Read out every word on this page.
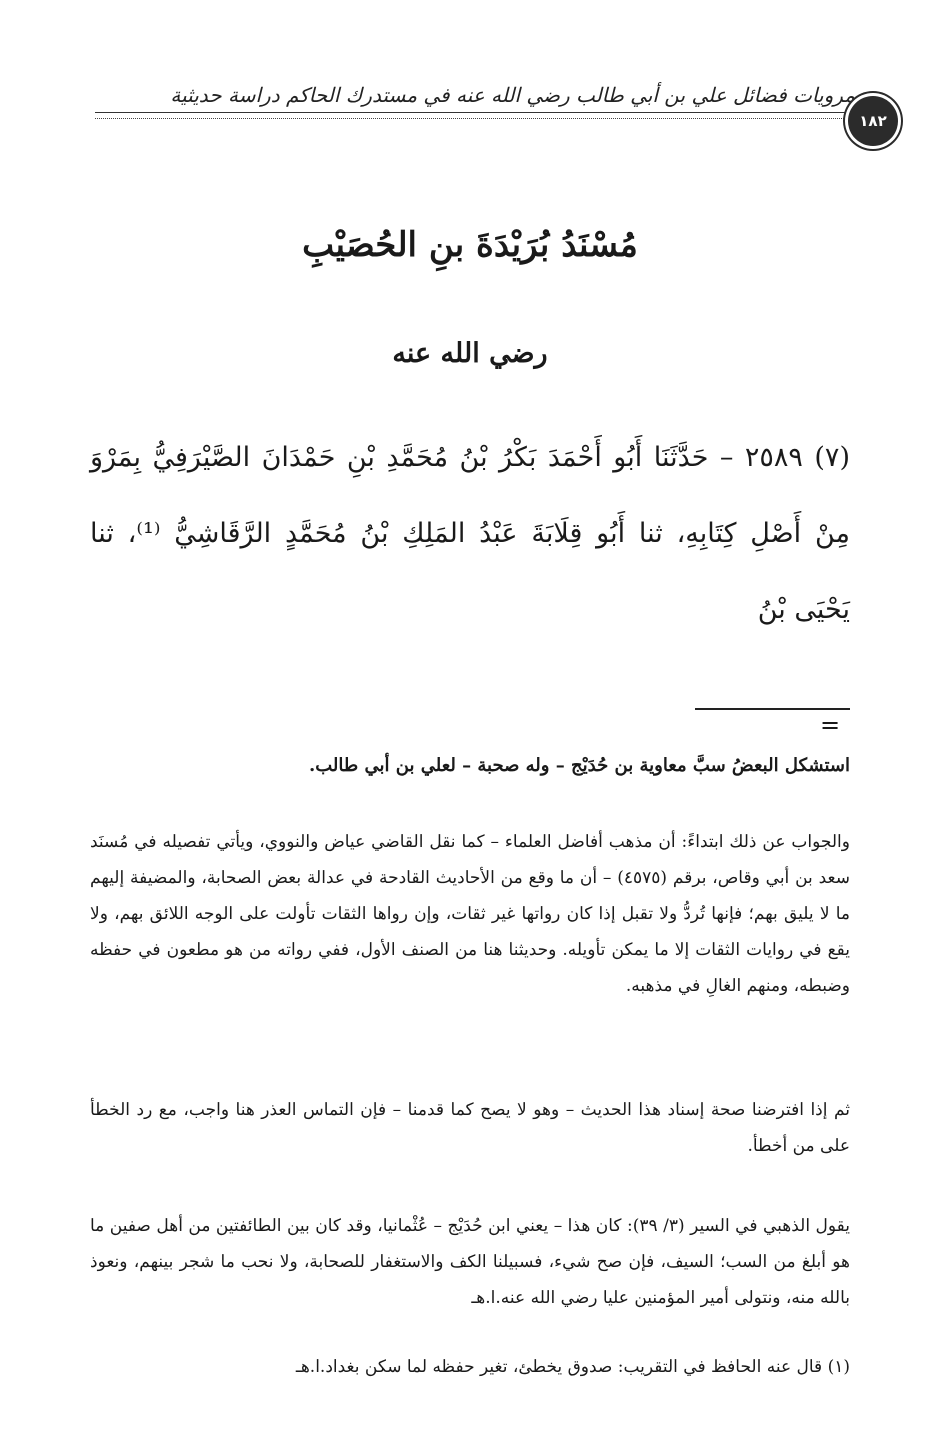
مرويات فضائل علي بن أبي طالب رضي الله عنه في مستدرك الحاكم دراسة حديثية
١٨٢
مُسْنَدُ بُرَيْدَةَ بنِ الحُصَيْبِ
رضي الله عنه
(٧) ٢٥٨٩ – حَدَّثَنَا أَبُو أَحْمَدَ بَكْرُ بْنُ مُحَمَّدِ بْنِ حَمْدَانَ الصَّيْرَفِيُّ بِمَرْوَ مِنْ أَصْلِ كِتَابِهِ، ثنا أَبُو قِلَابَةَ عَبْدُ المَلِكِ بْنُ مُحَمَّدٍ الرَّقَاشِيُّ ⁽¹⁾، ثنا يَحْيَى بْنُ
=
استشكل البعضُ سبَّ معاوية بن حُدَيْج – وله صحبة – لعلي بن أبي طالب.
والجواب عن ذلك ابتداءً: أن مذهب أفاضل العلماء – كما نقل القاضي عياض والنووي، ويأتي تفصيله في مُسنَد سعد بن أبي وقاص، برقم (٤٥٧٥) – أن ما وقع من الأحاديث القادحة في عدالة بعض الصحابة، والمضيفة إليهم ما لا يليق بهم؛ فإنها تُردُّ ولا تقبل إذا كان رواتها غير ثقات، وإن رواها الثقات تأولت على الوجه اللائق بهم، ولا يقع في روايات الثقات إلا ما يمكن تأويله. وحديثنا هنا من الصنف الأول، ففي رواته من هو مطعون في حفظه وضبطه، ومنهم الغالِ في مذهبه.
ثم إذا افترضنا صحة إسناد هذا الحديث – وهو لا يصح كما قدمنا – فإن التماس العذر هنا واجب، مع رد الخطأ على من أخطأ.
يقول الذهبي في السير (٣/ ٣٩): كان هذا – يعني ابن حُدَيْج – عُثْمانيا، وقد كان بين الطائفتين من أهل صفين ما هو أبلغ من السب؛ السيف، فإن صح شيء، فسبيلنا الكف والاستغفار للصحابة، ولا نحب ما شجر بينهم، ونعوذ بالله منه، ونتولى أمير المؤمنين عليا رضي الله عنه.ا.هـ
(١) قال عنه الحافظ في التقريب: صدوق يخطئ، تغير حفظه لما سكن بغداد.ا.هـ
